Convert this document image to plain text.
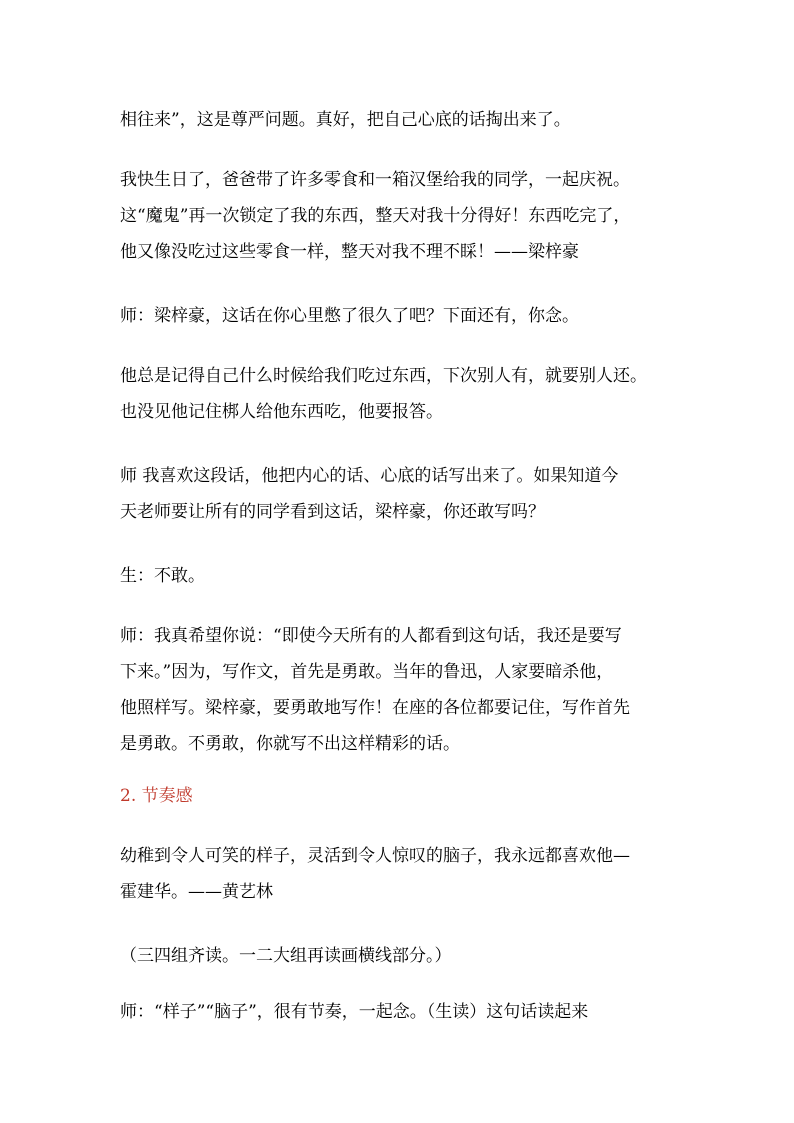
相往来”，这是尊严问题。真好，把自己心底的话掏出来了。

我快生日了，爸爸带了许多零食和一箱汉堡给我的同学，一起庆祝。
这“魔鬼”再一次锁定了我的东西，整天对我十分得好！东西吃完了，
他又像没吃过这些零食一样，整天对我不理不睬！——梁梓豪

师：梁梓豪，这话在你心里憋了很久了吧？下面还有，你念。

他总是记得自己什么时候给我们吃过东西，下次别人有，就要别人还。
也没见他记住梆人给他东西吃，他要报答。

师 我喜欢这段话，他把内心的话、心底的话写出来了。如果知道今
天老师要让所有的同学看到这话，梁梓豪，你还敢写吗？

生：不敢。

师：我真希望你说：“即使今天所有的人都看到这句话，我还是要写
下来。”因为，写作文，首先是勇敢。当年的鲁迅，人家要暗杀他，
他照样写。梁梓豪，要勇敢地写作！在座的各位都要记住，写作首先
是勇敢。不勇敢，你就写不出这样精彩的话。

2. 节奏感

幼稚到令人可笑的样子，灵活到令人惊叹的脑子，我永远都喜欢他—
霍建华。——黄艺林

（三四组齐读。一二大组再读画横线部分。）

师：“样子”“脑子”，很有节奏，一起念。（生读）这句话读起来
